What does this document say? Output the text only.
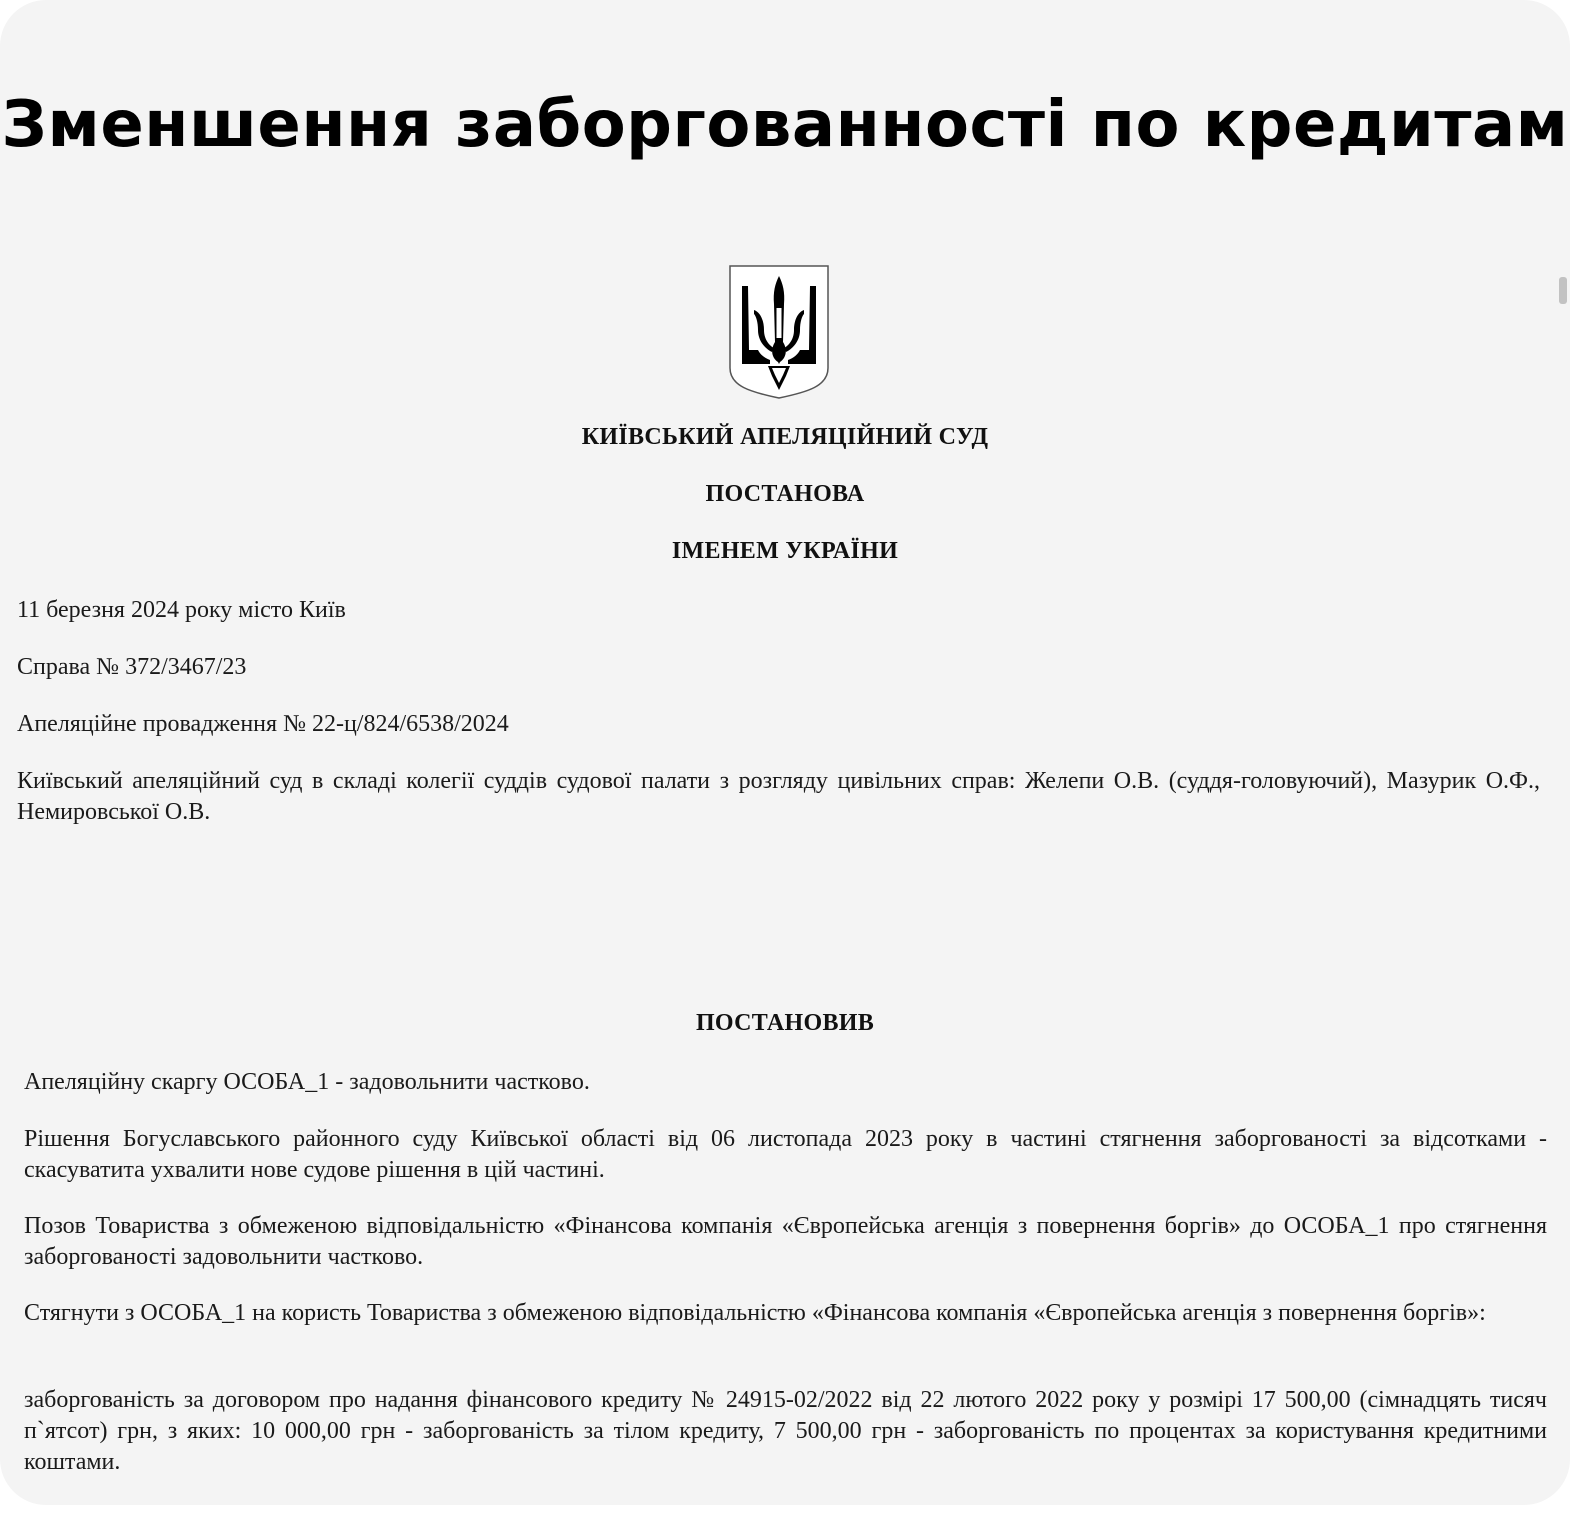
Зменшення заборгованності по кредитам
КИЇВСЬКИЙ АПЕЛЯЦІЙНИЙ СУД
ПОСТАНОВА
ІМЕНЕМ УКРАЇНИ
11 березня 2024 року місто Київ
Справа № 372/3467/23
Апеляційне провадження № 22-ц/824/6538/2024
Київський апеляційний суд в складі колегії суддів судової палати з розгляду цивільних справ: Желепи О.В. (суддя-головуючий), Мазурик О.Ф., Немировської О.В.
ПОСТАНОВИВ
Апеляційну скаргу ОСОБА_1 - задовольнити частково.
Рішення Богуславського районного суду Київської області від 06 листопада 2023 року в частині стягнення заборгованості за відсотками - скасуватита ухвалити нове судове рішення в цій частині.
Позов Товариства з обмеженою відповідальністю «Фінансова компанія «Європейська агенція з повернення боргів» до ОСОБА_1 про стягнення заборгованості задовольнити частково.
Стягнути з ОСОБА_1 на користь Товариства з обмеженою відповідальністю «Фінансова компанія «Європейська агенція з повернення боргів»:
заборгованість за договором про надання фінансового кредиту № 24915-02/2022 від 22 лютого 2022 року у розмірі 17 500,00 (сімнадцять тисяч п`ятсот) грн, з яких: 10 000,00 грн - заборгованість за тілом кредиту, 7 500,00 грн - заборгованість по процентах за користування кредитними коштами.
